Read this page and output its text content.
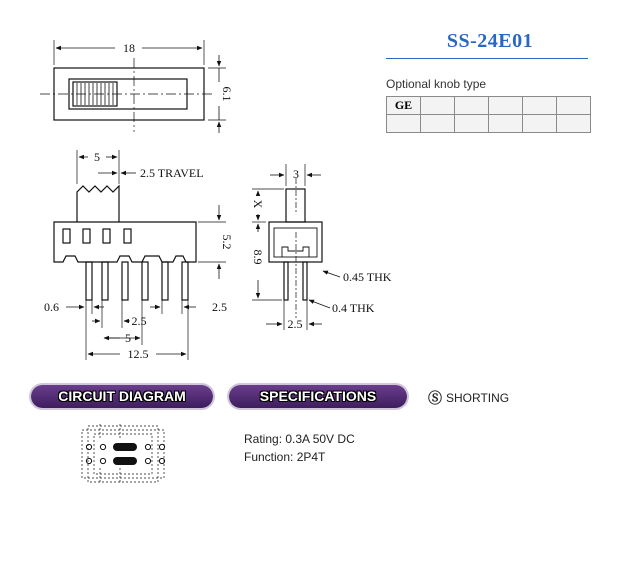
18
6.1
5
2.5 TRAVEL
5.2
0.6	2.5
2.5
5
12.5
3
X
8.9
0.45 THK
0.4 THK
2.5
SS-24E01
Optional knob type
GE					

CIRCUIT DIAGRAM	SPECIFICATIONS	Ⓢ SHORTING
Rating: 0.3A 50V DC
Function: 2P4T
